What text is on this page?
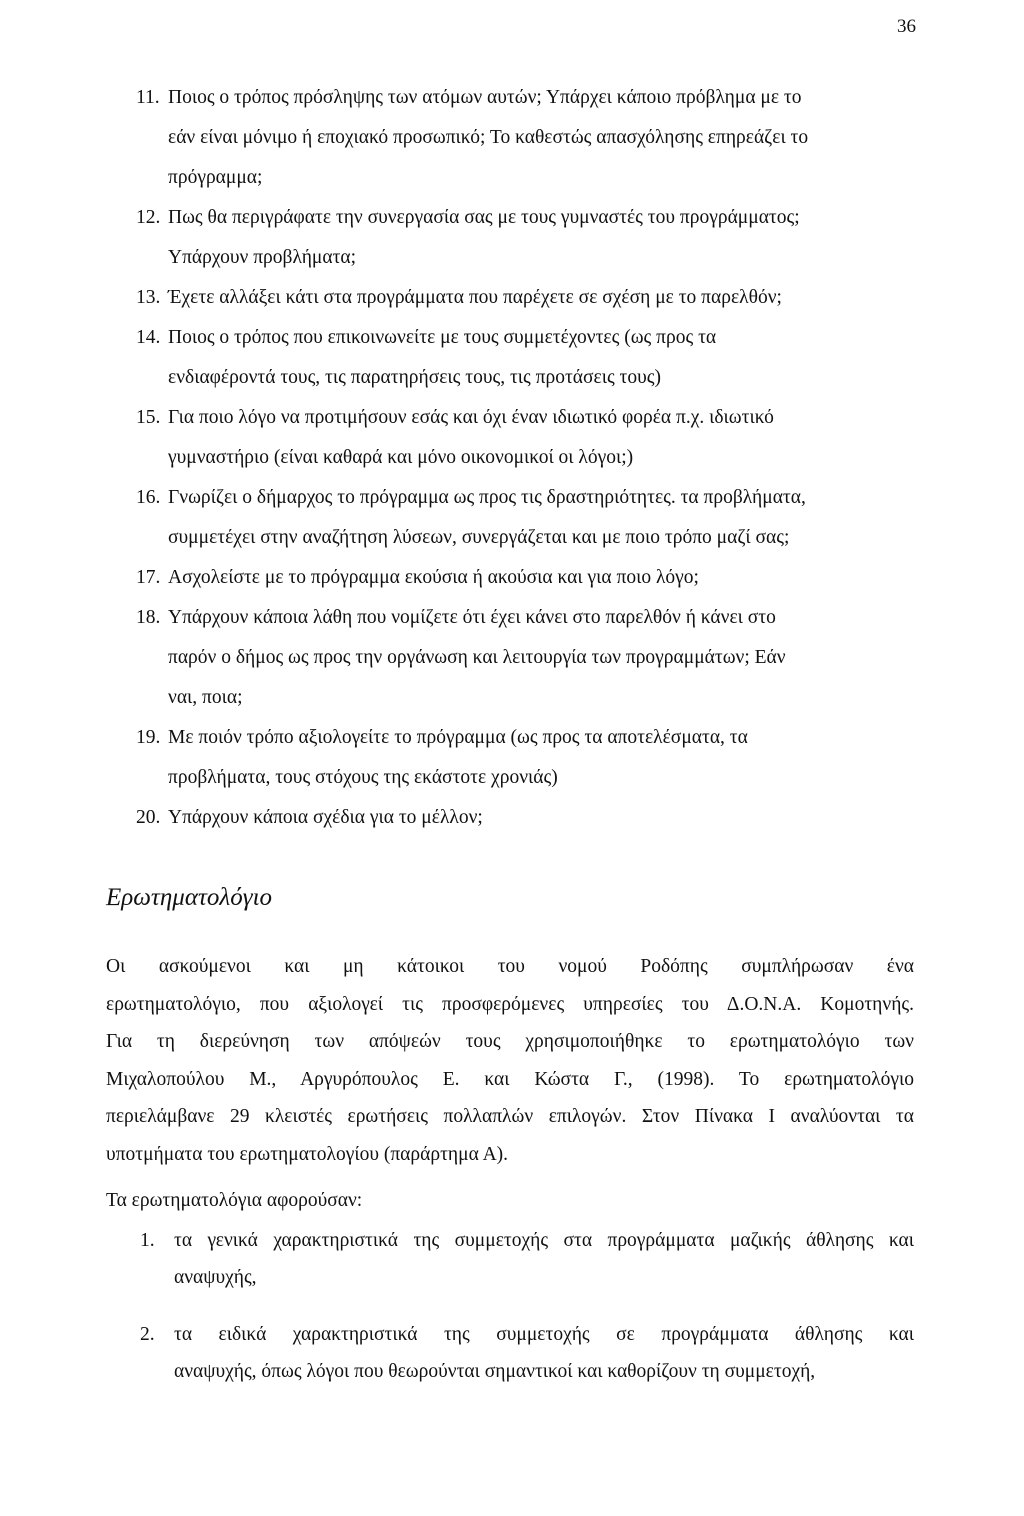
36
11. Ποιος ο τρόπος πρόσληψης των ατόμων αυτών; Υπάρχει κάποιο πρόβλημα με το
εάν είναι μόνιμο ή εποχιακό προσωπικό; Το καθεστώς απασχόλησης επηρεάζει το
πρόγραμμα;
12. Πως θα περιγράφατε την συνεργασία σας με τους γυμναστές του προγράμματος;
Υπάρχουν προβλήματα;
13. Έχετε αλλάξει κάτι στα προγράμματα που παρέχετε σε σχέση με το παρελθόν;
14. Ποιος ο τρόπος που επικοινωνείτε με τους συμμετέχοντες (ως προς τα
ενδιαφέροντά τους, τις παρατηρήσεις τους, τις προτάσεις τους)
15. Για ποιο λόγο να προτιμήσουν εσάς και όχι έναν ιδιωτικό φορέα π.χ. ιδιωτικό
γυμναστήριο (είναι καθαρά και μόνο οικονομικοί οι λόγοι;)
16. Γνωρίζει ο δήμαρχος το πρόγραμμα ως προς τις δραστηριότητες. τα προβλήματα,
συμμετέχει στην αναζήτηση λύσεων, συνεργάζεται και με ποιο τρόπο μαζί σας;
17. Ασχολείστε με το πρόγραμμα εκούσια ή ακούσια και για ποιο λόγο;
18. Υπάρχουν κάποια λάθη που νομίζετε ότι έχει κάνει στο παρελθόν ή κάνει στο
παρόν ο δήμος ως προς την οργάνωση και λειτουργία των προγραμμάτων; Εάν
ναι, ποια;
19. Με ποιόν τρόπο αξιολογείτε το πρόγραμμα (ως προς τα αποτελέσματα, τα
προβλήματα, τους στόχους της εκάστοτε χρονιάς)
20. Υπάρχουν κάποια σχέδια για το μέλλον;
Ερωτηματολόγιο
Οι ασκούμενοι και μη κάτοικοι του νομού Ροδόπης συμπλήρωσαν ένα
ερωτηματολόγιο, που αξιολογεί τις προσφερόμενες υπηρεσίες του Δ.Ο.Ν.Α. Κομοτηνής.
Για τη διερεύνηση των απόψεών τους χρησιμοποιήθηκε το ερωτηματολόγιο των
Μιχαλοπούλου Μ., Αργυρόπουλος Ε. και Κώστα Γ., (1998). Το ερωτηματολόγιο
περιελάμβανε 29 κλειστές ερωτήσεις πολλαπλών επιλογών. Στον Πίνακα Ι αναλύονται τα
υποτμήματα του ερωτηματολογίου (παράρτημα Α).
Τα ερωτηματολόγια αφορούσαν:
1. τα γενικά χαρακτηριστικά της συμμετοχής στα προγράμματα μαζικής άθλησης και
αναψυχής,
2. τα ειδικά χαρακτηριστικά της συμμετοχής σε προγράμματα άθλησης και
αναψυχής, όπως λόγοι που θεωρούνται σημαντικοί και καθορίζουν τη συμμετοχή,
